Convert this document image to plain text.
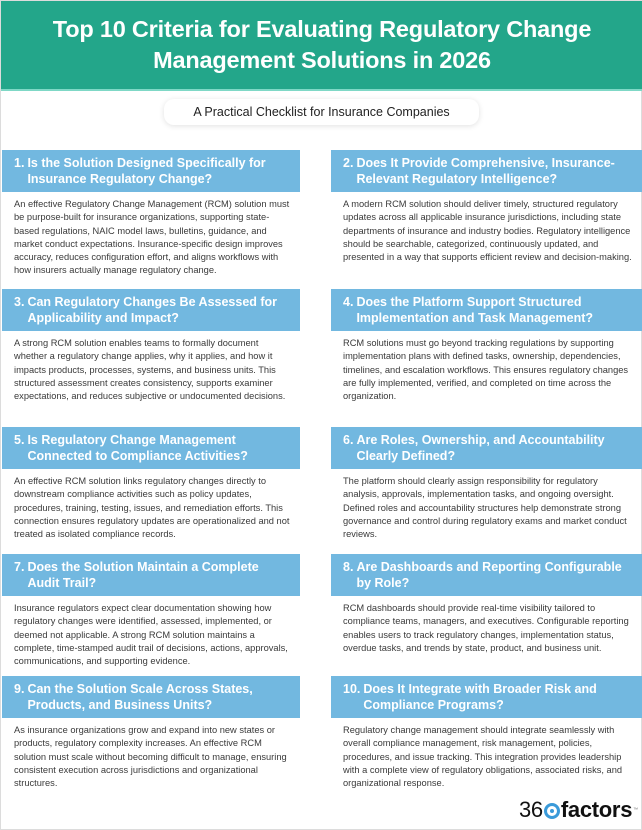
Top 10 Criteria for Evaluating Regulatory Change Management Solutions in 2026
A Practical Checklist for Insurance Companies
1. Is the Solution Designed Specifically for Insurance Regulatory Change?
An effective Regulatory Change Management (RCM) solution must be purpose-built for insurance organizations, supporting state-based regulations, NAIC model laws, bulletins, guidance, and market conduct expectations. Insurance-specific design improves accuracy, reduces configuration effort, and aligns workflows with how insurers actually manage regulatory change.
2. Does It Provide Comprehensive, Insurance-Relevant Regulatory Intelligence?
A modern RCM solution should deliver timely, structured regulatory updates across all applicable insurance jurisdictions, including state departments of insurance and industry bodies. Regulatory intelligence should be searchable, categorized, continuously updated, and presented in a way that supports efficient review and decision-making.
3. Can Regulatory Changes Be Assessed for Applicability and Impact?
A strong RCM solution enables teams to formally document whether a regulatory change applies, why it applies, and how it impacts products, processes, systems, and business units. This structured assessment creates consistency, supports examiner expectations, and reduces subjective or undocumented decisions.
4. Does the Platform Support Structured Implementation and Task Management?
RCM solutions must go beyond tracking regulations by supporting implementation plans with defined tasks, ownership, dependencies, timelines, and escalation workflows. This ensures regulatory changes are fully implemented, verified, and completed on time across the organization.
5. Is Regulatory Change Management Connected to Compliance Activities?
An effective RCM solution links regulatory changes directly to downstream compliance activities such as policy updates, procedures, training, testing, issues, and remediation efforts. This connection ensures regulatory updates are operationalized and not treated as isolated compliance records.
6. Are Roles, Ownership, and Accountability Clearly Defined?
The platform should clearly assign responsibility for regulatory analysis, approvals, implementation tasks, and ongoing oversight. Defined roles and accountability structures help demonstrate strong governance and control during regulatory exams and market conduct reviews.
7. Does the Solution Maintain a Complete Audit Trail?
Insurance regulators expect clear documentation showing how regulatory changes were identified, assessed, implemented, or deemed not applicable. A strong RCM solution maintains a complete, time-stamped audit trail of decisions, actions, approvals, communications, and supporting evidence.
8. Are Dashboards and Reporting Configurable by Role?
RCM dashboards should provide real-time visibility tailored to compliance teams, managers, and executives. Configurable reporting enables users to track regulatory changes, implementation status, overdue tasks, and trends by state, product, and business unit.
9. Can the Solution Scale Across States, Products, and Business Units?
As insurance organizations grow and expand into new states or products, regulatory complexity increases. An effective RCM solution must scale without becoming difficult to manage, ensuring consistent execution across jurisdictions and organizational structures.
10. Does It Integrate with Broader Risk and Compliance Programs?
Regulatory change management should integrate seamlessly with overall compliance management, risk management, policies, procedures, and issue tracking. This integration provides leadership with a complete view of regulatory obligations, associated risks, and organizational response.
36 factors ™
